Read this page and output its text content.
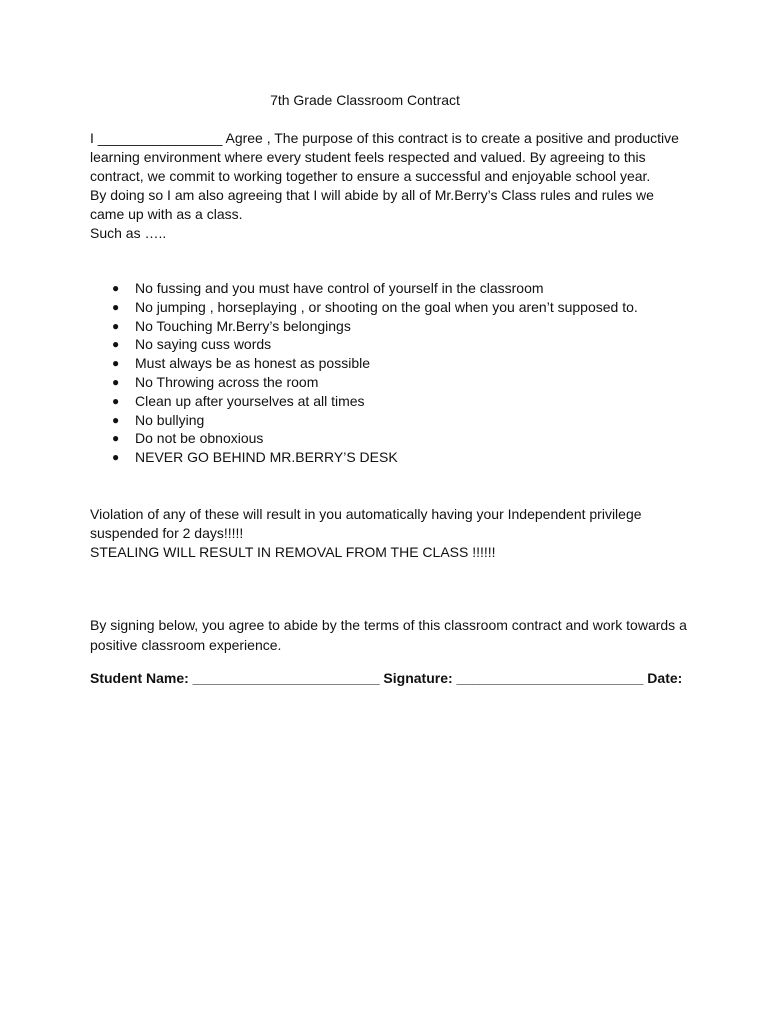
7th Grade Classroom Contract
I ________________ Agree , The purpose of this contract is to create a positive and productive
learning environment where every student feels respected and valued. By agreeing to this
contract, we commit to working together to ensure a successful and enjoyable school year.
By doing so I am also agreeing that I will abide by all of Mr.Berry’s Class rules and rules we
came up with as a class.
Such as …..
● No fussing and you must have control of yourself in the classroom
● No jumping , horseplaying , or shooting on the goal when you aren’t supposed to.
● No Touching Mr.Berry’s belongings
● No saying cuss words
● Must always be as honest as possible
● No Throwing across the room
● Clean up after yourselves at all times
● No bullying
● Do not be obnoxious
● NEVER GO BEHIND MR.BERRY’S DESK
Violation of any of these will result in you automatically having your Independent privilege
suspended for 2 days!!!!!
STEALING WILL RESULT IN REMOVAL FROM THE CLASS !!!!!!
By signing below, you agree to abide by the terms of this classroom contract and work towards a positive classroom experience.
Student Name: ________________________ Signature: ________________________ Date:
